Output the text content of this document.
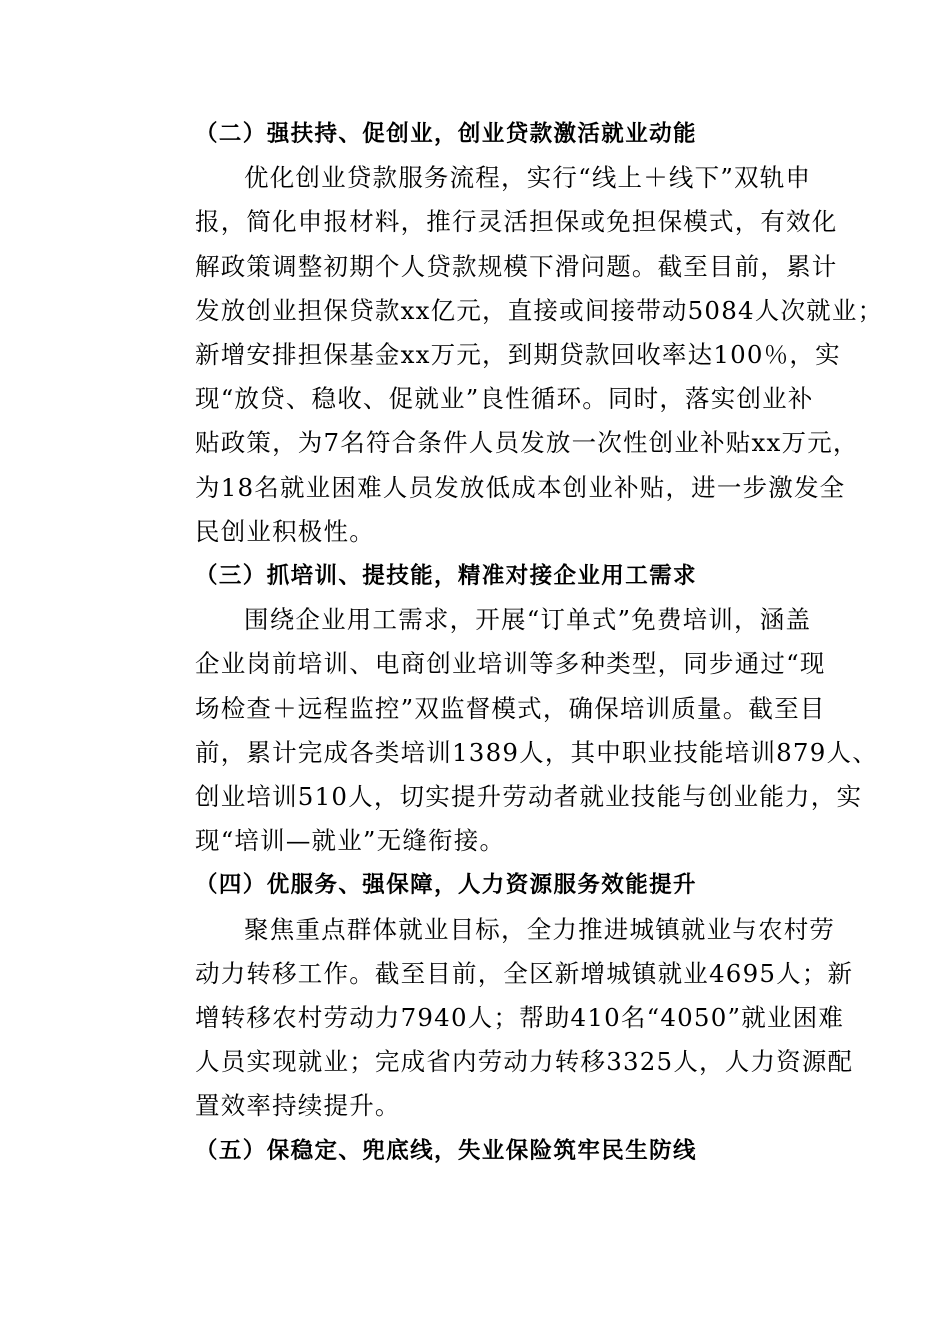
（二）强扶持、促创业，创业贷款激活就业动能
优化创业贷款服务流程，实行“线上＋线下”双轨申
报，简化申报材料，推行灵活担保或免担保模式，有效化
解政策调整初期个人贷款规模下滑问题。截至目前，累计
发放创业担保贷款xx亿元，直接或间接带动5084人次就业；
新增安排担保基金xx万元，到期贷款回收率达100％，实
现“放贷、稳收、促就业”良性循环。同时，落实创业补
贴政策，为7名符合条件人员发放一次性创业补贴xx万元，
为18名就业困难人员发放低成本创业补贴，进一步激发全
民创业积极性。
（三）抓培训、提技能，精准对接企业用工需求
围绕企业用工需求，开展“订单式”免费培训，涵盖
企业岗前培训、电商创业培训等多种类型，同步通过“现
场检查＋远程监控”双监督模式，确保培训质量。截至目
前，累计完成各类培训1389人，其中职业技能培训879人、
创业培训510人，切实提升劳动者就业技能与创业能力，实
现“培训—就业”无缝衔接。
（四）优服务、强保障，人力资源服务效能提升
聚焦重点群体就业目标，全力推进城镇就业与农村劳
动力转移工作。截至目前，全区新增城镇就业4695人；新
增转移农村劳动力7940人；帮助410名“4050”就业困难
人员实现就业；完成省内劳动力转移3325人，人力资源配
置效率持续提升。
（五）保稳定、兜底线，失业保险筑牢民生防线
